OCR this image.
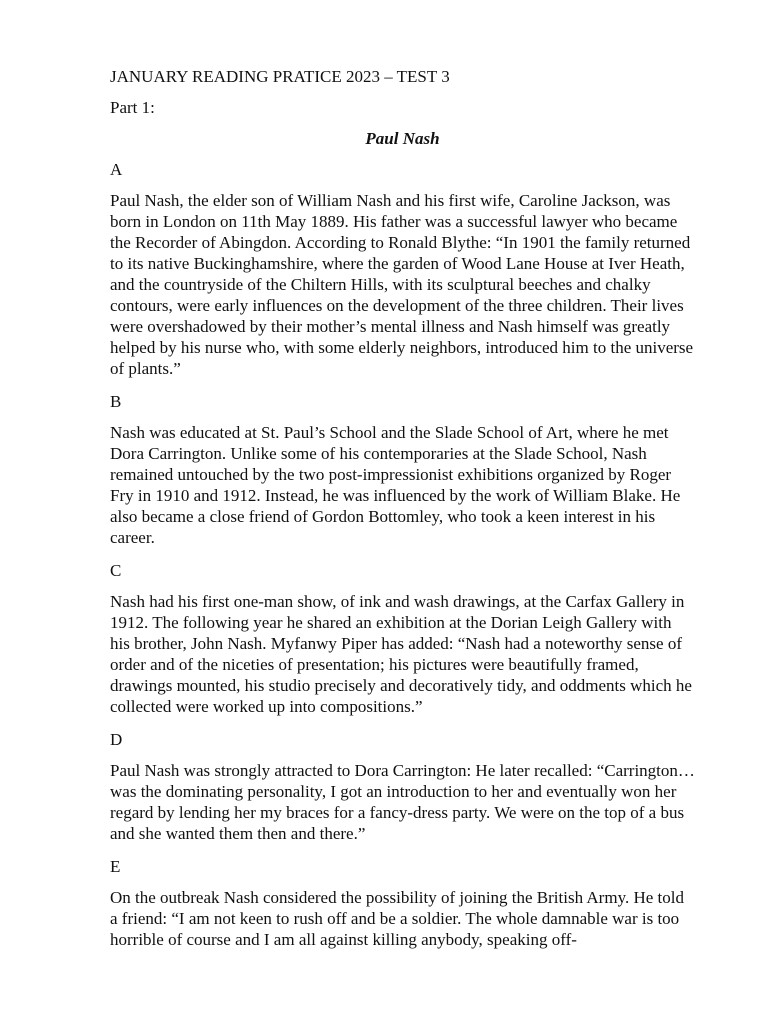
JANUARY READING PRATICE 2023 – TEST 3
Part 1:
Paul Nash
A

Paul Nash, the elder son of William Nash and his first wife, Caroline Jackson, was born in London on 11th May 1889. His father was a successful lawyer who became the Recorder of Abingdon. According to Ronald Blythe: “In 1901 the family returned to its native Buckinghamshire, where the garden of Wood Lane House at Iver Heath, and the countryside of the Chiltern Hills, with its sculptural beeches and chalky contours, were early influences on the development of the three children. Their lives were overshadowed by their mother’s mental illness and Nash himself was greatly helped by his nurse who, with some elderly neighbors, introduced him to the universe of plants.”

B

Nash was educated at St. Paul’s School and the Slade School of Art, where he met Dora Carrington. Unlike some of his contemporaries at the Slade School, Nash remained untouched by the two post-impressionist exhibitions organized by Roger Fry in 1910 and 1912. Instead, he was influenced by the work of William Blake. He also became a close friend of Gordon Bottomley, who took a keen interest in his career.

C

Nash had his first one-man show, of ink and wash drawings, at the Carfax Gallery in 1912. The following year he shared an exhibition at the Dorian Leigh Gallery with his brother, John Nash. Myfanwy Piper has added: “Nash had a noteworthy sense of order and of the niceties of presentation; his pictures were beautifully framed, drawings mounted, his studio precisely and decoratively tidy, and oddments which he collected were worked up into compositions.”

D

Paul Nash was strongly attracted to Dora Carrington: He later recalled: “Carrington… was the dominating personality, I got an introduction to her and eventually won her regard by lending her my braces for a fancy-dress party. We were on the top of a bus and she wanted them then and there.”

E

On the outbreak Nash considered the possibility of joining the British Army. He told a friend: “I am not keen to rush off and be a soldier. The whole damnable war is too horrible of course and I am all against killing anybody, speaking off-
